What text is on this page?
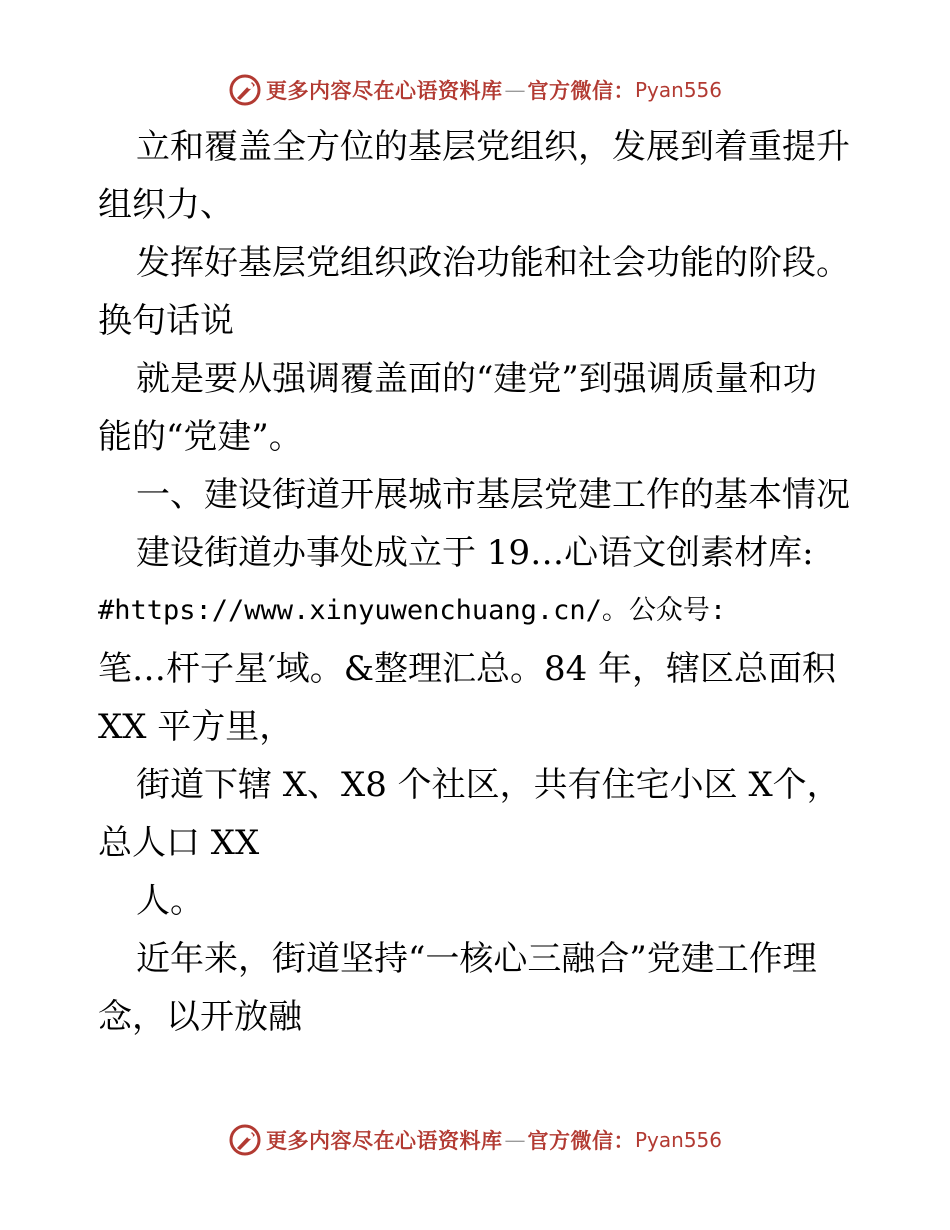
更多内容尽在心语资料库 — 官方微信： Pyan556

立和覆盖全方位的基层党组织，发展到着重提升

组织力、

发挥好基层党组织政治功能和社会功能的阶段。

换句话说

就是要从强调覆盖面的“建党”到强调质量和功

能的“党建”。

一、建设街道开展城市基层党建工作的基本情况

建设街道办事处成立于 19…心语文创素材库:

#https://www.xinyuwenchuang.cn/。公众号:

笔…杆子星′域。&整理汇总。84 年，辖区总面积

XX 平方里，

街道下辖 X、X8 个社区，共有住宅小区 X个，

总人口 XX

人。

近年来，街道坚持“一核心三融合”党建工作理

念，以开放融

更多内容尽在心语资料库 — 官方微信： Pyan556
